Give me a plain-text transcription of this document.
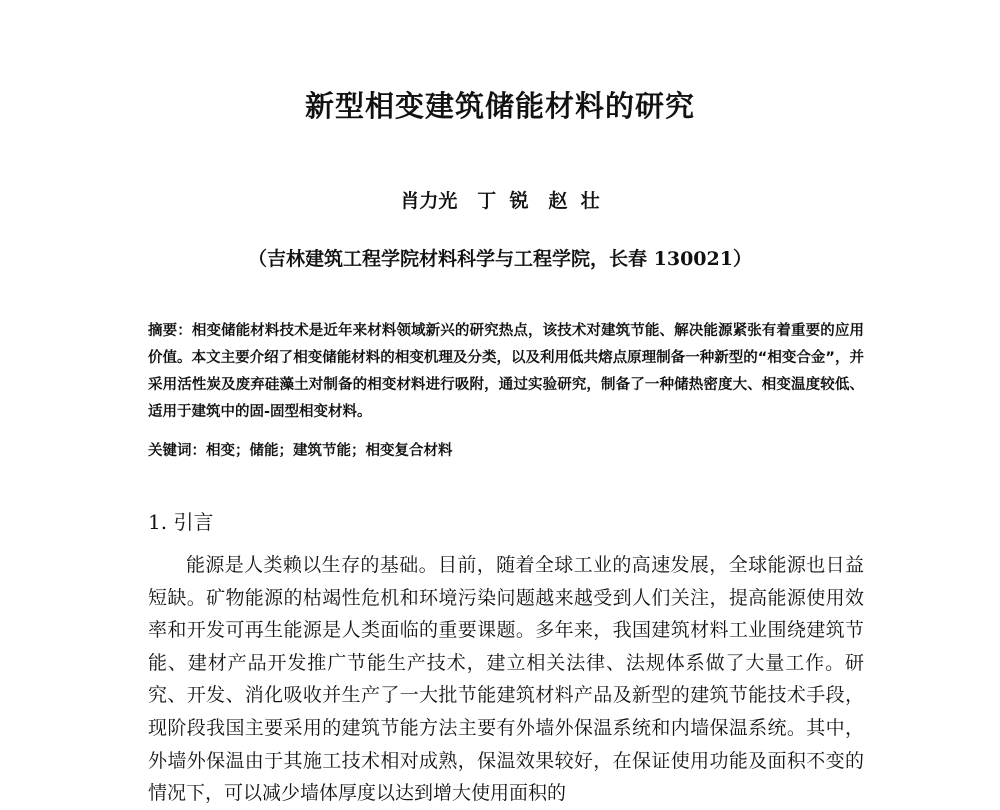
新型相变建筑储能材料的研究
肖力光   丁  锐   赵  壮
（吉林建筑工程学院材料科学与工程学院，长春 130021）
摘要：相变储能材料技术是近年来材料领域新兴的研究热点，该技术对建筑节能、解决能源紧张有着重要的应用价值。本文主要介绍了相变储能材料的相变机理及分类，以及利用低共熔点原理制备一种新型的“相变合金”，并采用活性炭及废弃硅藻土对制备的相变材料进行吸附，通过实验研究，制备了一种储热密度大、相变温度较低、适用于建筑中的固-固型相变材料。
关键词：相变；储能；建筑节能；相变复合材料
1. 引言
能源是人类赖以生存的基础。目前，随着全球工业的高速发展，全球能源也日益短缺。矿物能源的枯竭性危机和环境污染问题越来越受到人们关注，提高能源使用效率和开发可再生能源是人类面临的重要课题。多年来，我国建筑材料工业围绕建筑节能、建材产品开发推广节能生产技术，建立相关法律、法规体系做了大量工作。研究、开发、消化吸收并生产了一大批节能建筑材料产品及新型的建筑节能技术手段，现阶段我国主要采用的建筑节能方法主要有外墙外保温系统和内墙保温系统。其中，外墙外保温由于其施工技术相对成熟，保温效果较好，在保证使用功能及面积不变的情况下，可以减少墙体厚度以达到增大使用面积的
